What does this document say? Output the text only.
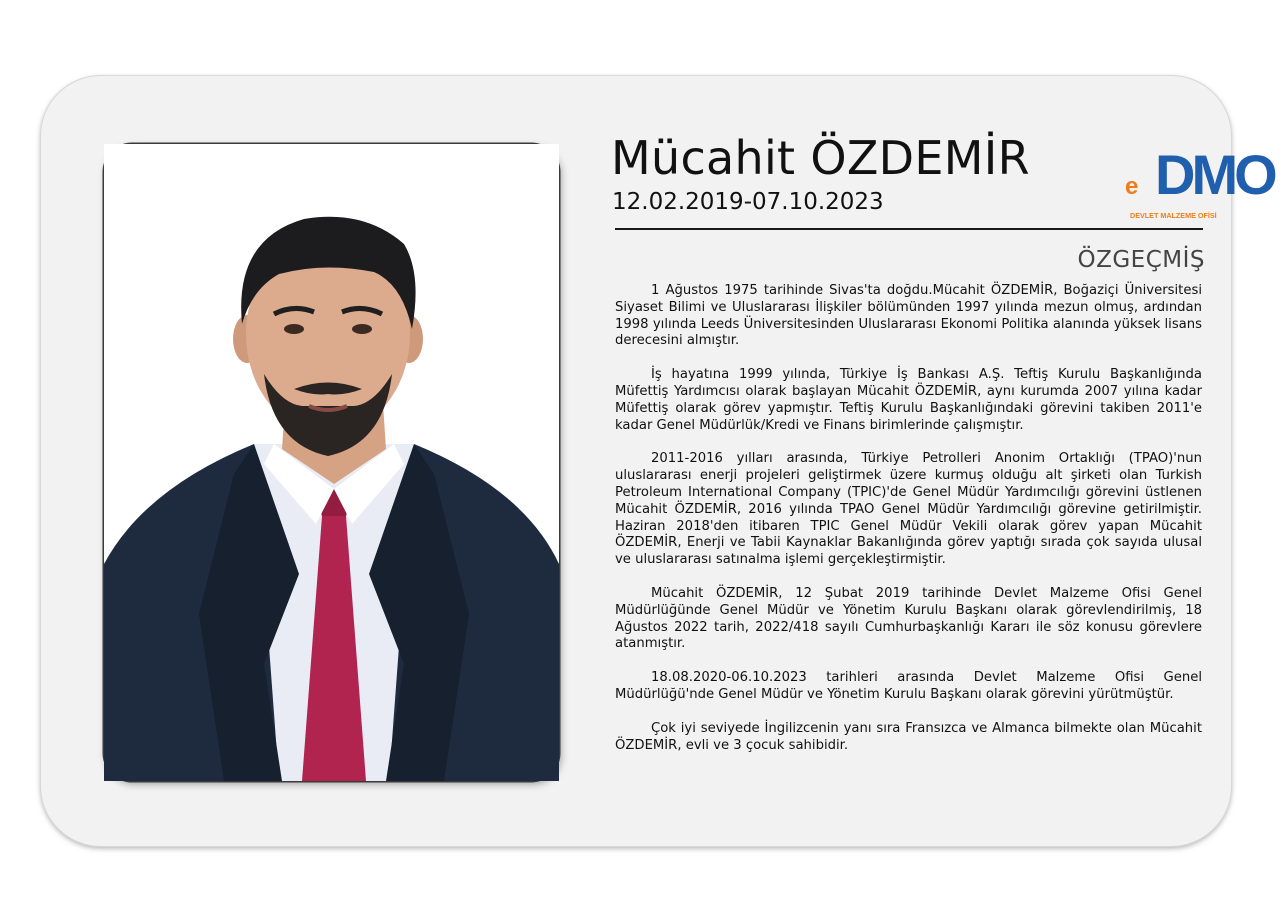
Mücahit ÖZDEMİR
12.02.2019-07.10.2023	DMO
e
DEVLET MALZEME OFİSİ
ÖZGEÇMİŞ

1 Ağustos 1975 tarihinde Sivas'ta doğdu.Mücahit ÖZDEMİR, Boğaziçi Üniversitesi Siyaset Bilimi ve Uluslararası İlişkiler bölümünden 1997 yılında mezun olmuş, ardından 1998 yılında Leeds Üniversitesinden Uluslararası Ekonomi Politika alanında yüksek lisans derecesini almıştır.

İş hayatına 1999 yılında, Türkiye İş Bankası A.Ş. Teftiş Kurulu Başkanlığında Müfettiş Yardımcısı olarak başlayan Mücahit ÖZDEMİR, aynı kurumda 2007 yılına kadar Müfettiş olarak görev yapmıştır. Teftiş Kurulu Başkanlığındaki görevini takiben 2011'e kadar Genel Müdürlük/Kredi ve Finans birimlerinde çalışmıştır.

2011-2016 yılları arasında, Türkiye Petrolleri Anonim Ortaklığı (TPAO)'nun uluslararası enerji projeleri geliştirmek üzere kurmuş olduğu alt şirketi olan Turkish Petroleum International Company (TPIC)'de Genel Müdür Yardımcılığı görevini üstlenen Mücahit ÖZDEMİR, 2016 yılında TPAO Genel Müdür Yardımcılığı görevine getirilmiştir. Haziran 2018'den itibaren TPIC Genel Müdür Vekili olarak görev yapan Mücahit ÖZDEMİR, Enerji ve Tabii Kaynaklar Bakanlığında görev yaptığı sırada çok sayıda ulusal ve uluslararası satınalma işlemi gerçekleştirmiştir.

Mücahit ÖZDEMİR, 12 Şubat 2019 tarihinde Devlet Malzeme Ofisi Genel Müdürlüğünde Genel Müdür ve Yönetim Kurulu Başkanı olarak görevlendirilmiş, 18 Ağustos 2022 tarih, 2022/418 sayılı Cumhurbaşkanlığı Kararı ile söz konusu görevlere atanmıştır.

18.08.2020-06.10.2023 tarihleri arasında Devlet Malzeme Ofisi Genel Müdürlüğü'nde Genel Müdür ve Yönetim Kurulu Başkanı olarak görevini yürütmüştür.

Çok iyi seviyede İngilizcenin yanı sıra Fransızca ve Almanca bilmekte olan Mücahit ÖZDEMİR, evli ve 3 çocuk sahibidir.
